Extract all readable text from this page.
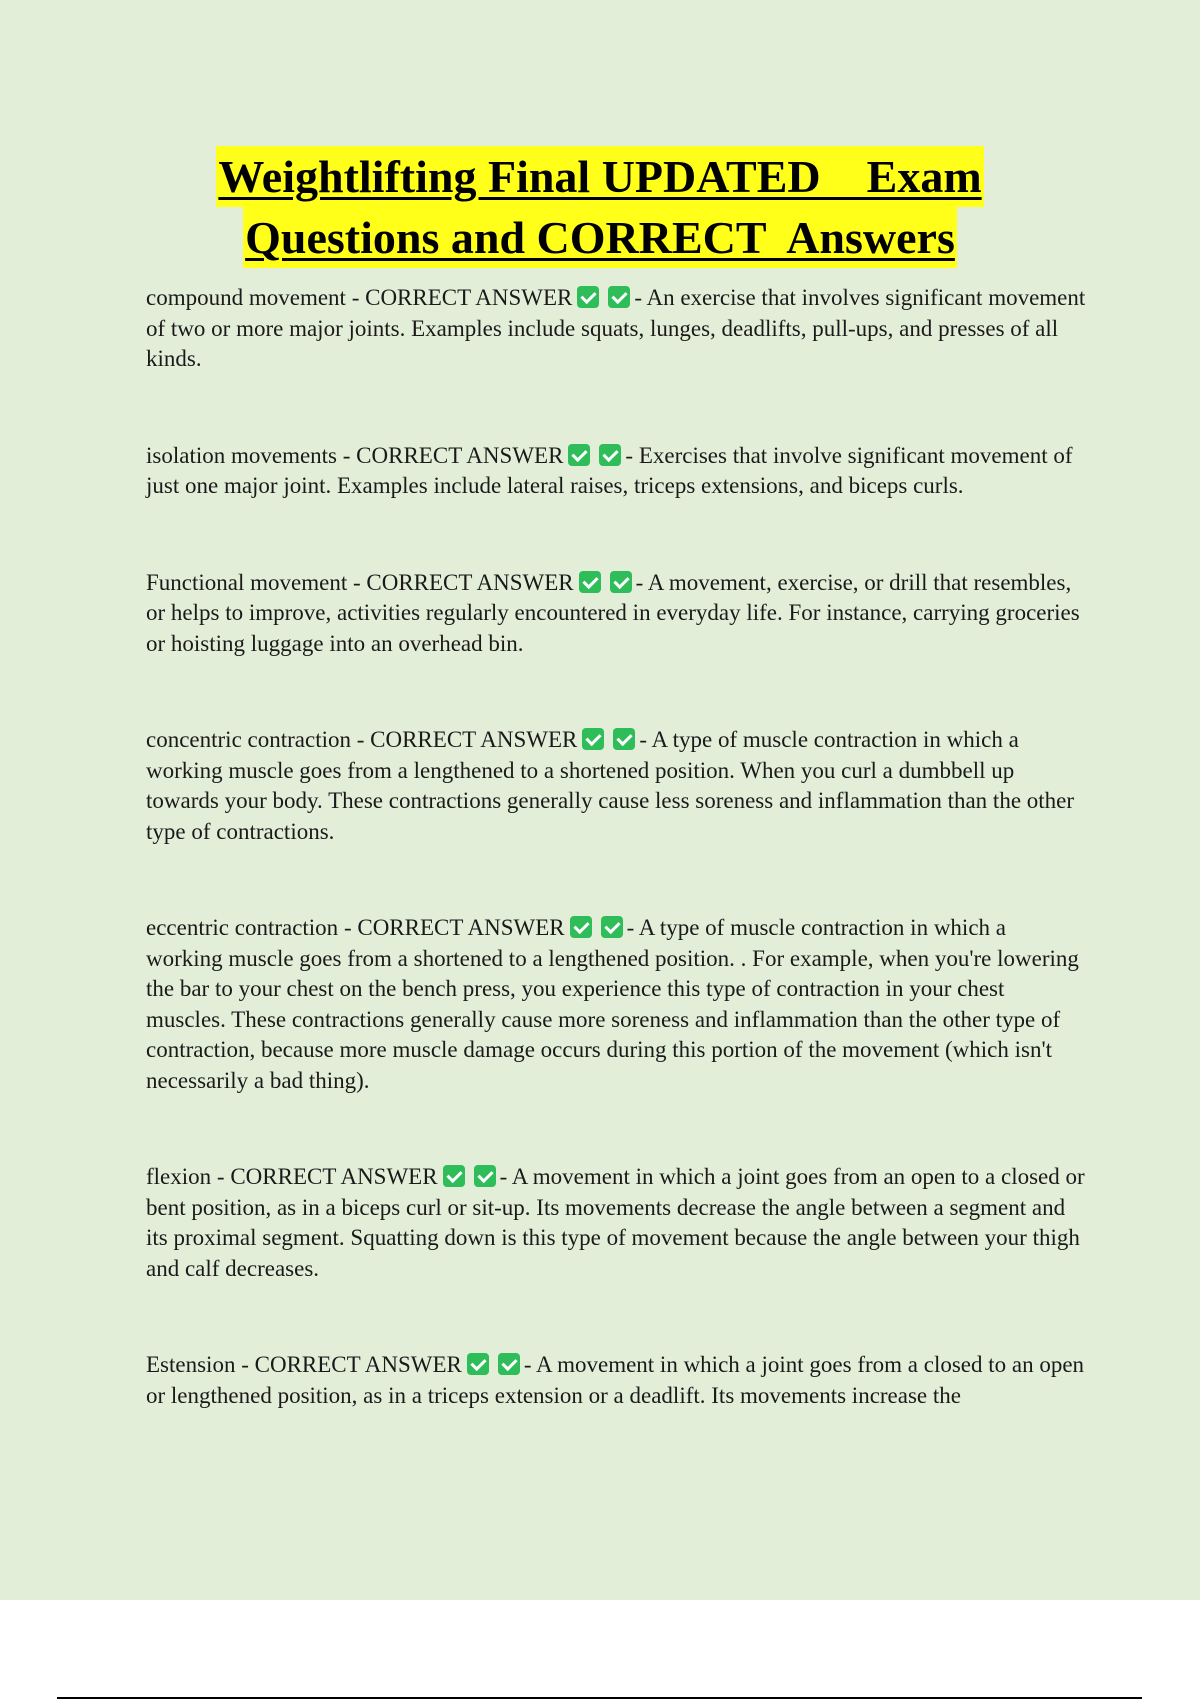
Weightlifting Final UPDATED    Exam
Questions and CORRECT  Answers

compound movement - CORRECT ANSWER	- An exercise that involves significant movement of two or more major joints. Examples include squats, lunges, deadlifts, pull-ups, and presses of all kinds.

isolation movements - CORRECT ANSWER	- Exercises that involve significant movement of just one major joint. Examples include lateral raises, triceps extensions, and biceps curls.

Functional movement - CORRECT ANSWER	- A movement, exercise, or drill that resembles, or helps to improve, activities regularly encountered in everyday life. For instance, carrying groceries or hoisting luggage into an overhead bin.

concentric contraction - CORRECT ANSWER	- A type of muscle contraction in which a working muscle goes from a lengthened to a shortened position. When you curl a dumbbell up towards your body. These contractions generally cause less soreness and inflammation than the other type of contractions.

eccentric contraction - CORRECT ANSWER	- A type of muscle contraction in which a working muscle goes from a shortened to a lengthened position. . For example, when you're lowering the bar to your chest on the bench press, you experience this type of contraction in your chest muscles. These contractions generally cause more soreness and inflammation than the other type of contraction, because more muscle damage occurs during this portion of the movement (which isn't necessarily a bad thing).

flexion - CORRECT ANSWER	- A movement in which a joint goes from an open to a closed or bent position, as in a biceps curl or sit-up. Its movements decrease the angle between a segment and its proximal segment. Squatting down is this type of movement because the angle between your thigh and calf decreases.

Estension - CORRECT ANSWER	- A movement in which a joint goes from a closed to an open or lengthened position, as in a triceps extension or a deadlift. Its movements increase the
